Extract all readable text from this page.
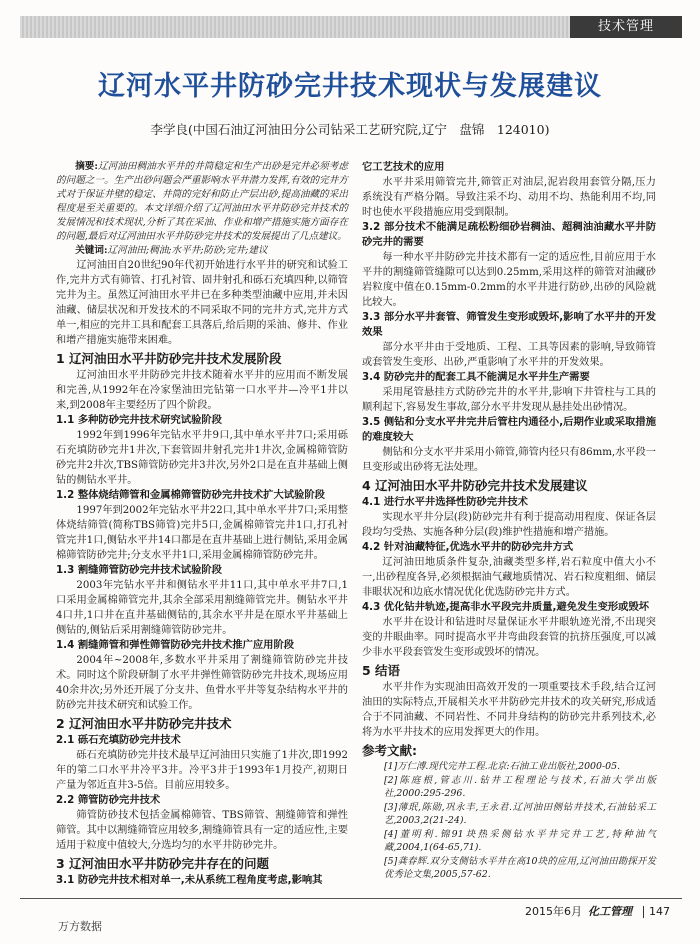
技术管理
辽河水平井防砂完井技术现状与发展建议
李学良(中国石油辽河油田分公司钻采工艺研究院,辽宁　盘锦　124010)

摘要:辽河油田稠油水平井的井筒稳定和生产出砂是完井必须考虑的问题之一。生产出砂问题会严重影响水平井潜力发挥,有效的完井方式对于保证井壁的稳定、井筒的完好和防止产层出砂,提高油藏的采出程度是至关重要的。本文详细介绍了辽河油田水平井防砂完井技术的发展情况和技术现状,分析了其在采油、作业和增产措施实施方面存在的问题,最后对辽河油田水平井防砂完井技术的发展提出了几点建议。

关键词:辽河油田;稠油;水平井;防砂;完井;建议

辽河油田自20世纪90年代初开始进行水平井的研究和试验工作,完井方式有筛管、打孔衬管、固井射孔和砾石充填四种,以筛管完井为主。虽然辽河油田水平井已在多种类型油藏中应用,并未因油藏、储层状况和开发技术的不同采取不同的完井方式,完井方式单一,相应的完井工具和配套工具落后,给后期的采油、修井、作业和增产措施实施带来困难。

1 辽河油田水平井防砂完井技术发展阶段

辽河油田水平井防砂完井技术随着水平井的应用而不断发展和完善,从1992年在冷家堡油田完钻第一口水平井—冷平1井以来,到2008年主要经历了四个阶段。

1.1 多种防砂完井技术研究试验阶段

1992年到1996年完钻水平井9口,其中单水平井7口;采用砾石充填防砂完井1井次,下套管固井射孔完井1井次,金属棉筛管防砂完井2井次,TBS筛管防砂完井3井次,另外2口是在直井基础上侧钻的侧钻水平井。

1.2 整体烧结筛管和金属棉筛管防砂完井技术扩大试验阶段

1997年到2002年完钻水平井22口,其中单水平井7口;采用整体烧结筛管(简称TBS筛管)完井5口,金属棉筛管完井1口,打孔衬管完井1口,侧钻水平井14口都是在直井基础上进行侧钻,采用金属棉筛管防砂完井;分支水平井1口,采用金属棉筛管防砂完井。

1.3 割缝筛管防砂完井技术试验阶段

2003年完钻水平井和侧钻水平井11口,其中单水平井7口,1口采用金属棉筛管完井,其余全部采用割缝筛管完井。侧钻水平井4口井,1口井在直井基础侧钻的,其余水平井是在原水平井基础上侧钻的,侧钻后采用割缝筛管防砂完井。

1.4 割缝筛管和弹性筛管防砂完井技术推广应用阶段

2004年~2008年,多数水平井采用了割缝筛管防砂完井技术。同时这个阶段研制了水平井弹性筛管防砂完井技术,现场应用40余井次;另外还开展了分支井、鱼骨水平井等复杂结构水平井的防砂完井技术研究和试验工作。

2 辽河油田水平井防砂完井技术
2.1 砾石充填防砂完井技术

砾石充填防砂完井技术最早辽河油田只实施了1井次,即1992年的第二口水平井冷平3井。冷平3井于1993年1月投产,初期日产量为邻近直井3-5倍。目前应用较多。

2.2 筛管防砂完井技术

筛管防砂技术包括金属棉筛管、TBS筛管、割缝筛管和弹性筛管。其中以割缝筛管应用较多,割缝筛管具有一定的适应性,主要适用于粒度中值较大,分选均匀的水平井防砂完井。

3 辽河油田水平井防砂完井存在的问题
3.1 防砂完井技术相对单一,未从系统工程角度考虑,影响其
它工艺技术的应用

水平井采用筛管完井,筛管正对油层,泥岩段用套管分隔,压力系统没有严格分隔。导致注采不均、动用不均、热能利用不均,同时也使水平段措施应用受到限制。

3.2 部分技术不能满足疏松粉细砂岩稠油、超稠油油藏水平井防砂完井的需要

每一种水平井防砂完井技术都有一定的适应性,目前应用于水平井的割缝筛管缝隙可以达到0.25mm,采用这样的筛管对油藏砂岩粒度中值在0.15mm-0.2mm的水平井进行防砂,出砂的风险就比较大。

3.3 部分水平井套管、筛管发生变形或毁坏,影响了水平井的开发效果

部分水平井由于受地质、工程、工具等因素的影响,导致筛管或套管发生变形、出砂,严重影响了水平井的开发效果。

3.4 防砂完井的配套工具不能满足水平井生产需要

采用尾管悬挂方式防砂完井的水平井,影响下井管柱与工具的顺利起下,容易发生事故,部分水平井发现从悬挂处出砂情况。

3.5 侧钻和分支水平井完井后管柱内通径小,后期作业或采取措施的难度较大

侧钻和分支水平井采用小筛管,筛管内径只有86mm,水平段一旦变形或出砂将无法处理。

4 辽河油田水平井防砂完井技术发展建议
4.1 进行水平井选择性防砂完井技术

实现水平井分层(段)防砂完井有利于提高动用程度、保证各层段均匀受热、实施各种分层(段)维护性措施和增产措施。

4.2 针对油藏特征,优选水平井的防砂完井方式

辽河油田地质条件复杂,油藏类型多样,岩石粒度中值大小不一,出砂程度各异,必须根据油气藏地质情况、岩石粒度粗细、储层非眼状况和边底水情况优化优选防砂完井方式。

4.3 优化钻井轨迹,提高非水平段完井质量,避免发生变形或毁坏

水平井在设计和钻进时尽量保证水平井眼轨迹光滑,不出现突变的井眼曲率。同时提高水平井弯曲段套管的抗挤压强度,可以减少非水平段套管发生变形或毁坏的情况。

5 结语

水平井作为实现油田高效开发的一项重要技术手段,结合辽河油田的实际特点,开展相关水平井防砂完井技术的攻关研究,形成适合于不同油藏、不同岩性、不同井身结构的防砂完井系列技术,必将为水平井技术的应用发挥更大的作用。

参考文献:

[1]万仁溥.现代完井工程.北京:石油工业出版社,2000-05.

[2]陈庭根,管志川.钻井工程理论与技术,石油大学出版社,2000:295-296.

[3]薄珉,陈勋,巩永丰,王永君.辽河油田侧钻井技术,石油钻采工艺,2003,2(21-24).

[4]董明利.锦91块热采侧钻水平井完井工艺,特种油气藏,2004,1(64-65,71).

[5]龚春辉.双分支侧钻水平井在高10块的应用,辽河油田勘探开发优秀论文集,2005,57-62.

2015年6月 化工管理 147
万方数据
